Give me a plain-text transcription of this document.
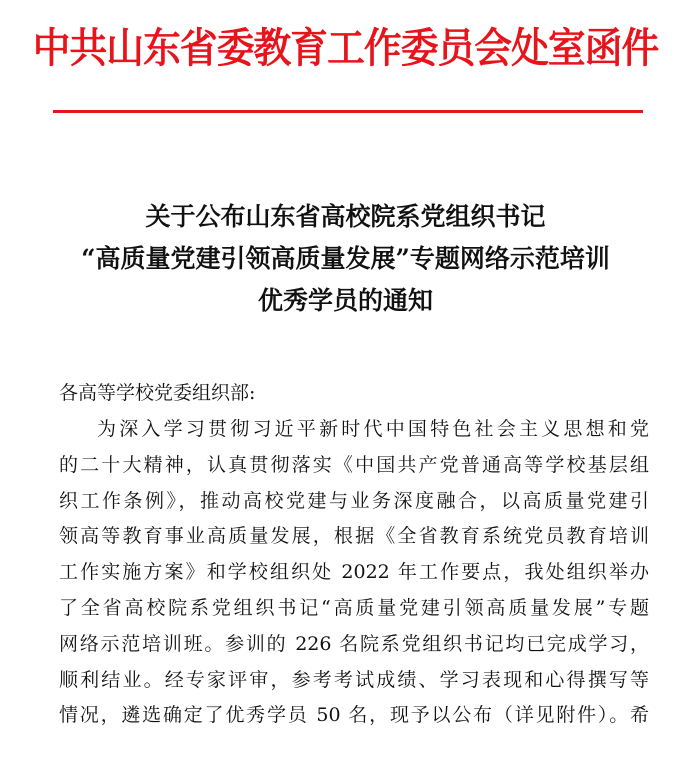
中共山东省委教育工作委员会处室函件
关于公布山东省高校院系党组织书记
“高质量党建引领高质量发展”专题网络示范培训
优秀学员的通知
各高等学校党委组织部:
为深入学习贯彻习近平新时代中国特色社会主义思想和党
的二十大精神，认真贯彻落实《中国共产党普通高等学校基层组
织工作条例》，推动高校党建与业务深度融合，以高质量党建引
领高等教育事业高质量发展，根据《全省教育系统党员教育培训
工作实施方案》和学校组织处 2022 年工作要点，我处组织举办
了全省高校院系党组织书记“高质量党建引领高质量发展”专题
网络示范培训班。参训的 226 名院系党组织书记均已完成学习，
顺利结业。经专家评审，参考考试成绩、学习表现和心得撰写等
情况，遴选确定了优秀学员 50 名，现予以公布（详见附件）。希
